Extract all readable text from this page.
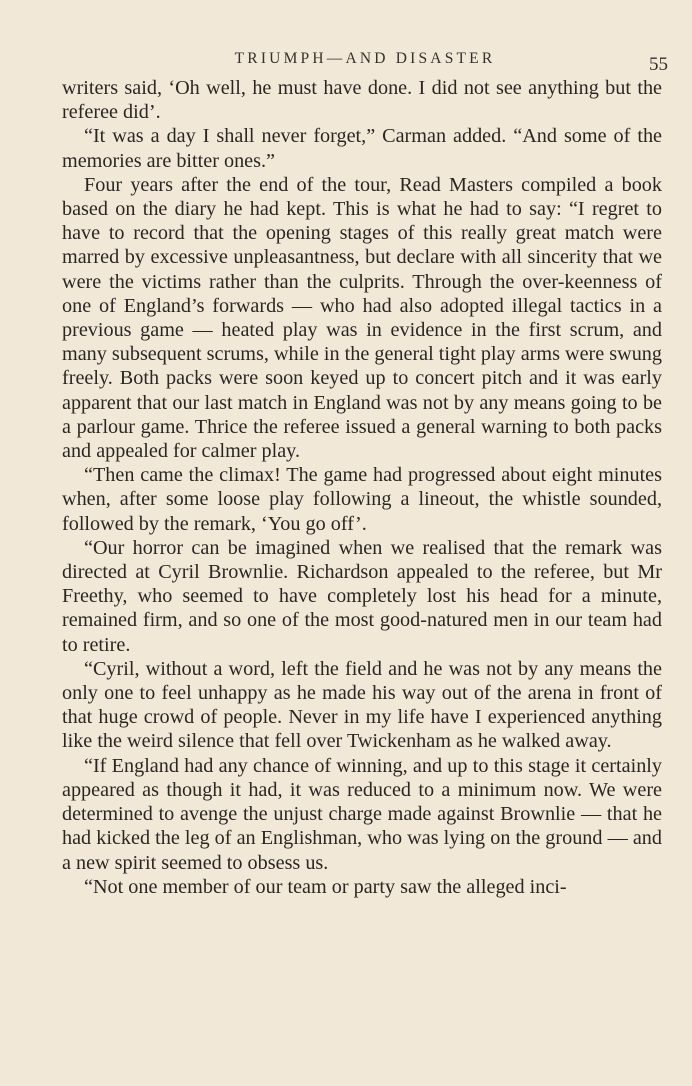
TRIUMPH—AND DISASTER	55

writers said, ‘Oh well, he must have done. I did not see anything but the referee did’.

“It was a day I shall never forget,” Carman added. “And some of the memories are bitter ones.”

Four years after the end of the tour, Read Masters compiled a book based on the diary he had kept. This is what he had to say: “I regret to have to record that the opening stages of this really great match were marred by excessive unpleasantness, but declare with all sincerity that we were the victims rather than the culprits. Through the over-keenness of one of England’s forwards — who had also adopted illegal tactics in a previous game — heated play was in evidence in the first scrum, and many subsequent scrums, while in the general tight play arms were swung freely. Both packs were soon keyed up to concert pitch and it was early apparent that our last match in England was not by any means going to be a parlour game. Thrice the referee issued a general warning to both packs and appealed for calmer play.

“Then came the climax! The game had progressed about eight minutes when, after some loose play following a lineout, the whistle sounded, followed by the remark, ‘You go off’.

“Our horror can be imagined when we realised that the remark was directed at Cyril Brownlie. Richardson appealed to the referee, but Mr Freethy, who seemed to have completely lost his head for a minute, remained firm, and so one of the most good-natured men in our team had to retire.

“Cyril, without a word, left the field and he was not by any means the only one to feel unhappy as he made his way out of the arena in front of that huge crowd of people. Never in my life have I experienced anything like the weird silence that fell over Twickenham as he walked away.

“If England had any chance of winning, and up to this stage it certainly appeared as though it had, it was reduced to a minimum now. We were determined to avenge the unjust charge made against Brownlie — that he had kicked the leg of an Englishman, who was lying on the ground — and a new spirit seemed to obsess us.

“Not one member of our team or party saw the alleged inci-
